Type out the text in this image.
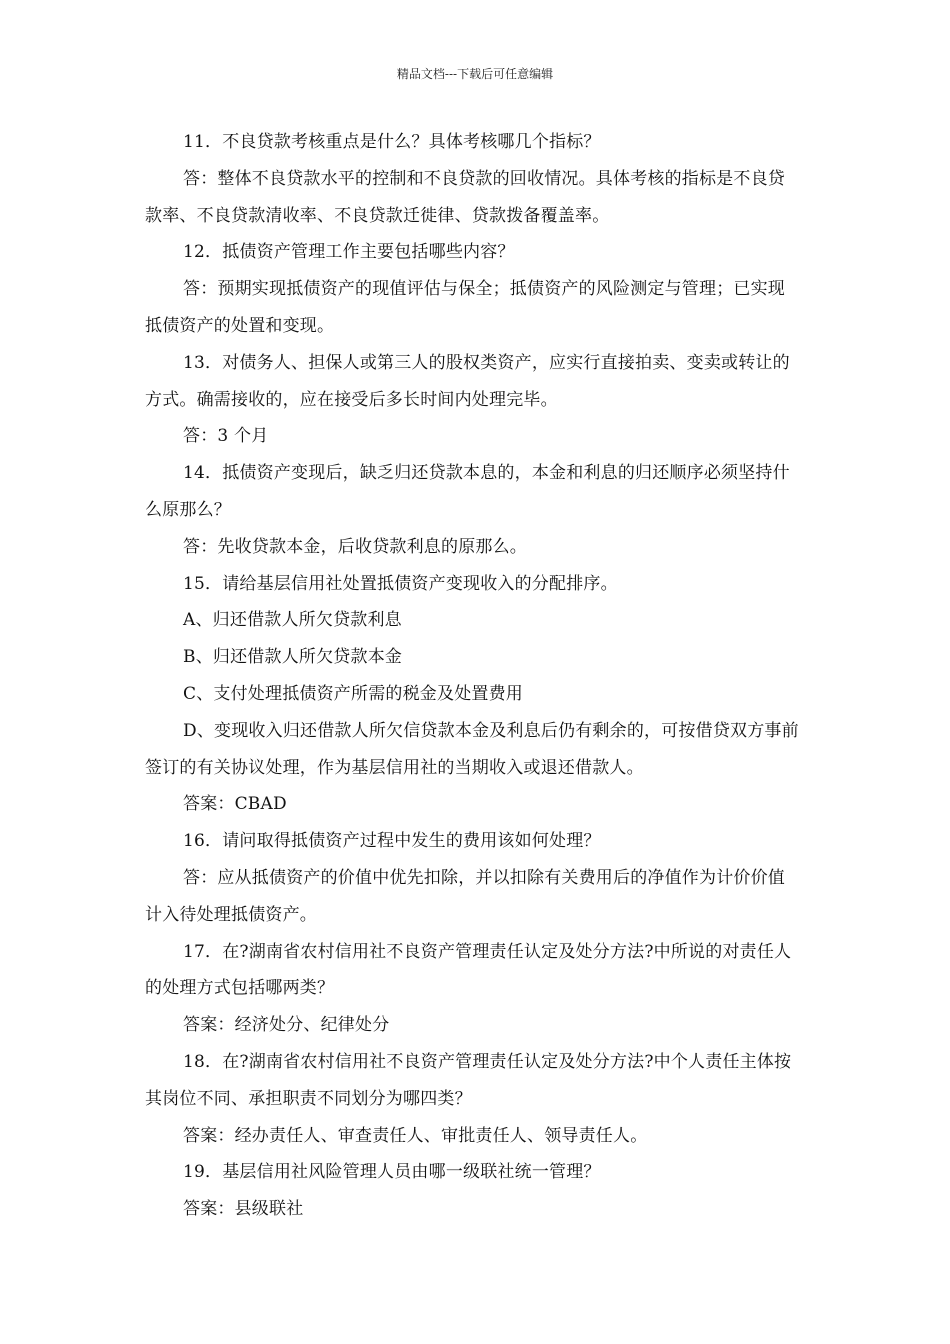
精品文档---下载后可任意编辑

11．不良贷款考核重点是什么？具体考核哪几个指标？

答：整体不良贷款水平的控制和不良贷款的回收情况。具体考核的指标是不良贷款率、不良贷款清收率、不良贷款迁徙律、贷款拨备覆盖率。

12．抵债资产管理工作主要包括哪些内容？

答：预期实现抵债资产的现值评估与保全；抵债资产的风险测定与管理；已实现抵债资产的处置和变现。

13．对债务人、担保人或第三人的股权类资产，应实行直接拍卖、变卖或转让的方式。确需接收的，应在接受后多长时间内处理完毕。

答：3 个月

14．抵债资产变现后，缺乏归还贷款本息的，本金和利息的归还顺序必须坚持什么原那么？

答：先收贷款本金，后收贷款利息的原那么。

15．请给基层信用社处置抵债资产变现收入的分配排序。

A、归还借款人所欠贷款利息

B、归还借款人所欠贷款本金

C、支付处理抵债资产所需的税金及处置费用

D、变现收入归还借款人所欠信贷款本金及利息后仍有剩余的，可按借贷双方事前签订的有关协议处理，作为基层信用社的当期收入或退还借款人。

答案：CBAD

16．请问取得抵债资产过程中发生的费用该如何处理？

答：应从抵债资产的价值中优先扣除，并以扣除有关费用后的净值作为计价价值计入待处理抵债资产。

17．在?湖南省农村信用社不良资产管理责任认定及处分方法?中所说的对责任人的处理方式包括哪两类？

答案：经济处分、纪律处分

18．在?湖南省农村信用社不良资产管理责任认定及处分方法?中个人责任主体按其岗位不同、承担职责不同划分为哪四类？

答案：经办责任人、审查责任人、审批责任人、领导责任人。

19．基层信用社风险管理人员由哪一级联社统一管理？

答案：县级联社
